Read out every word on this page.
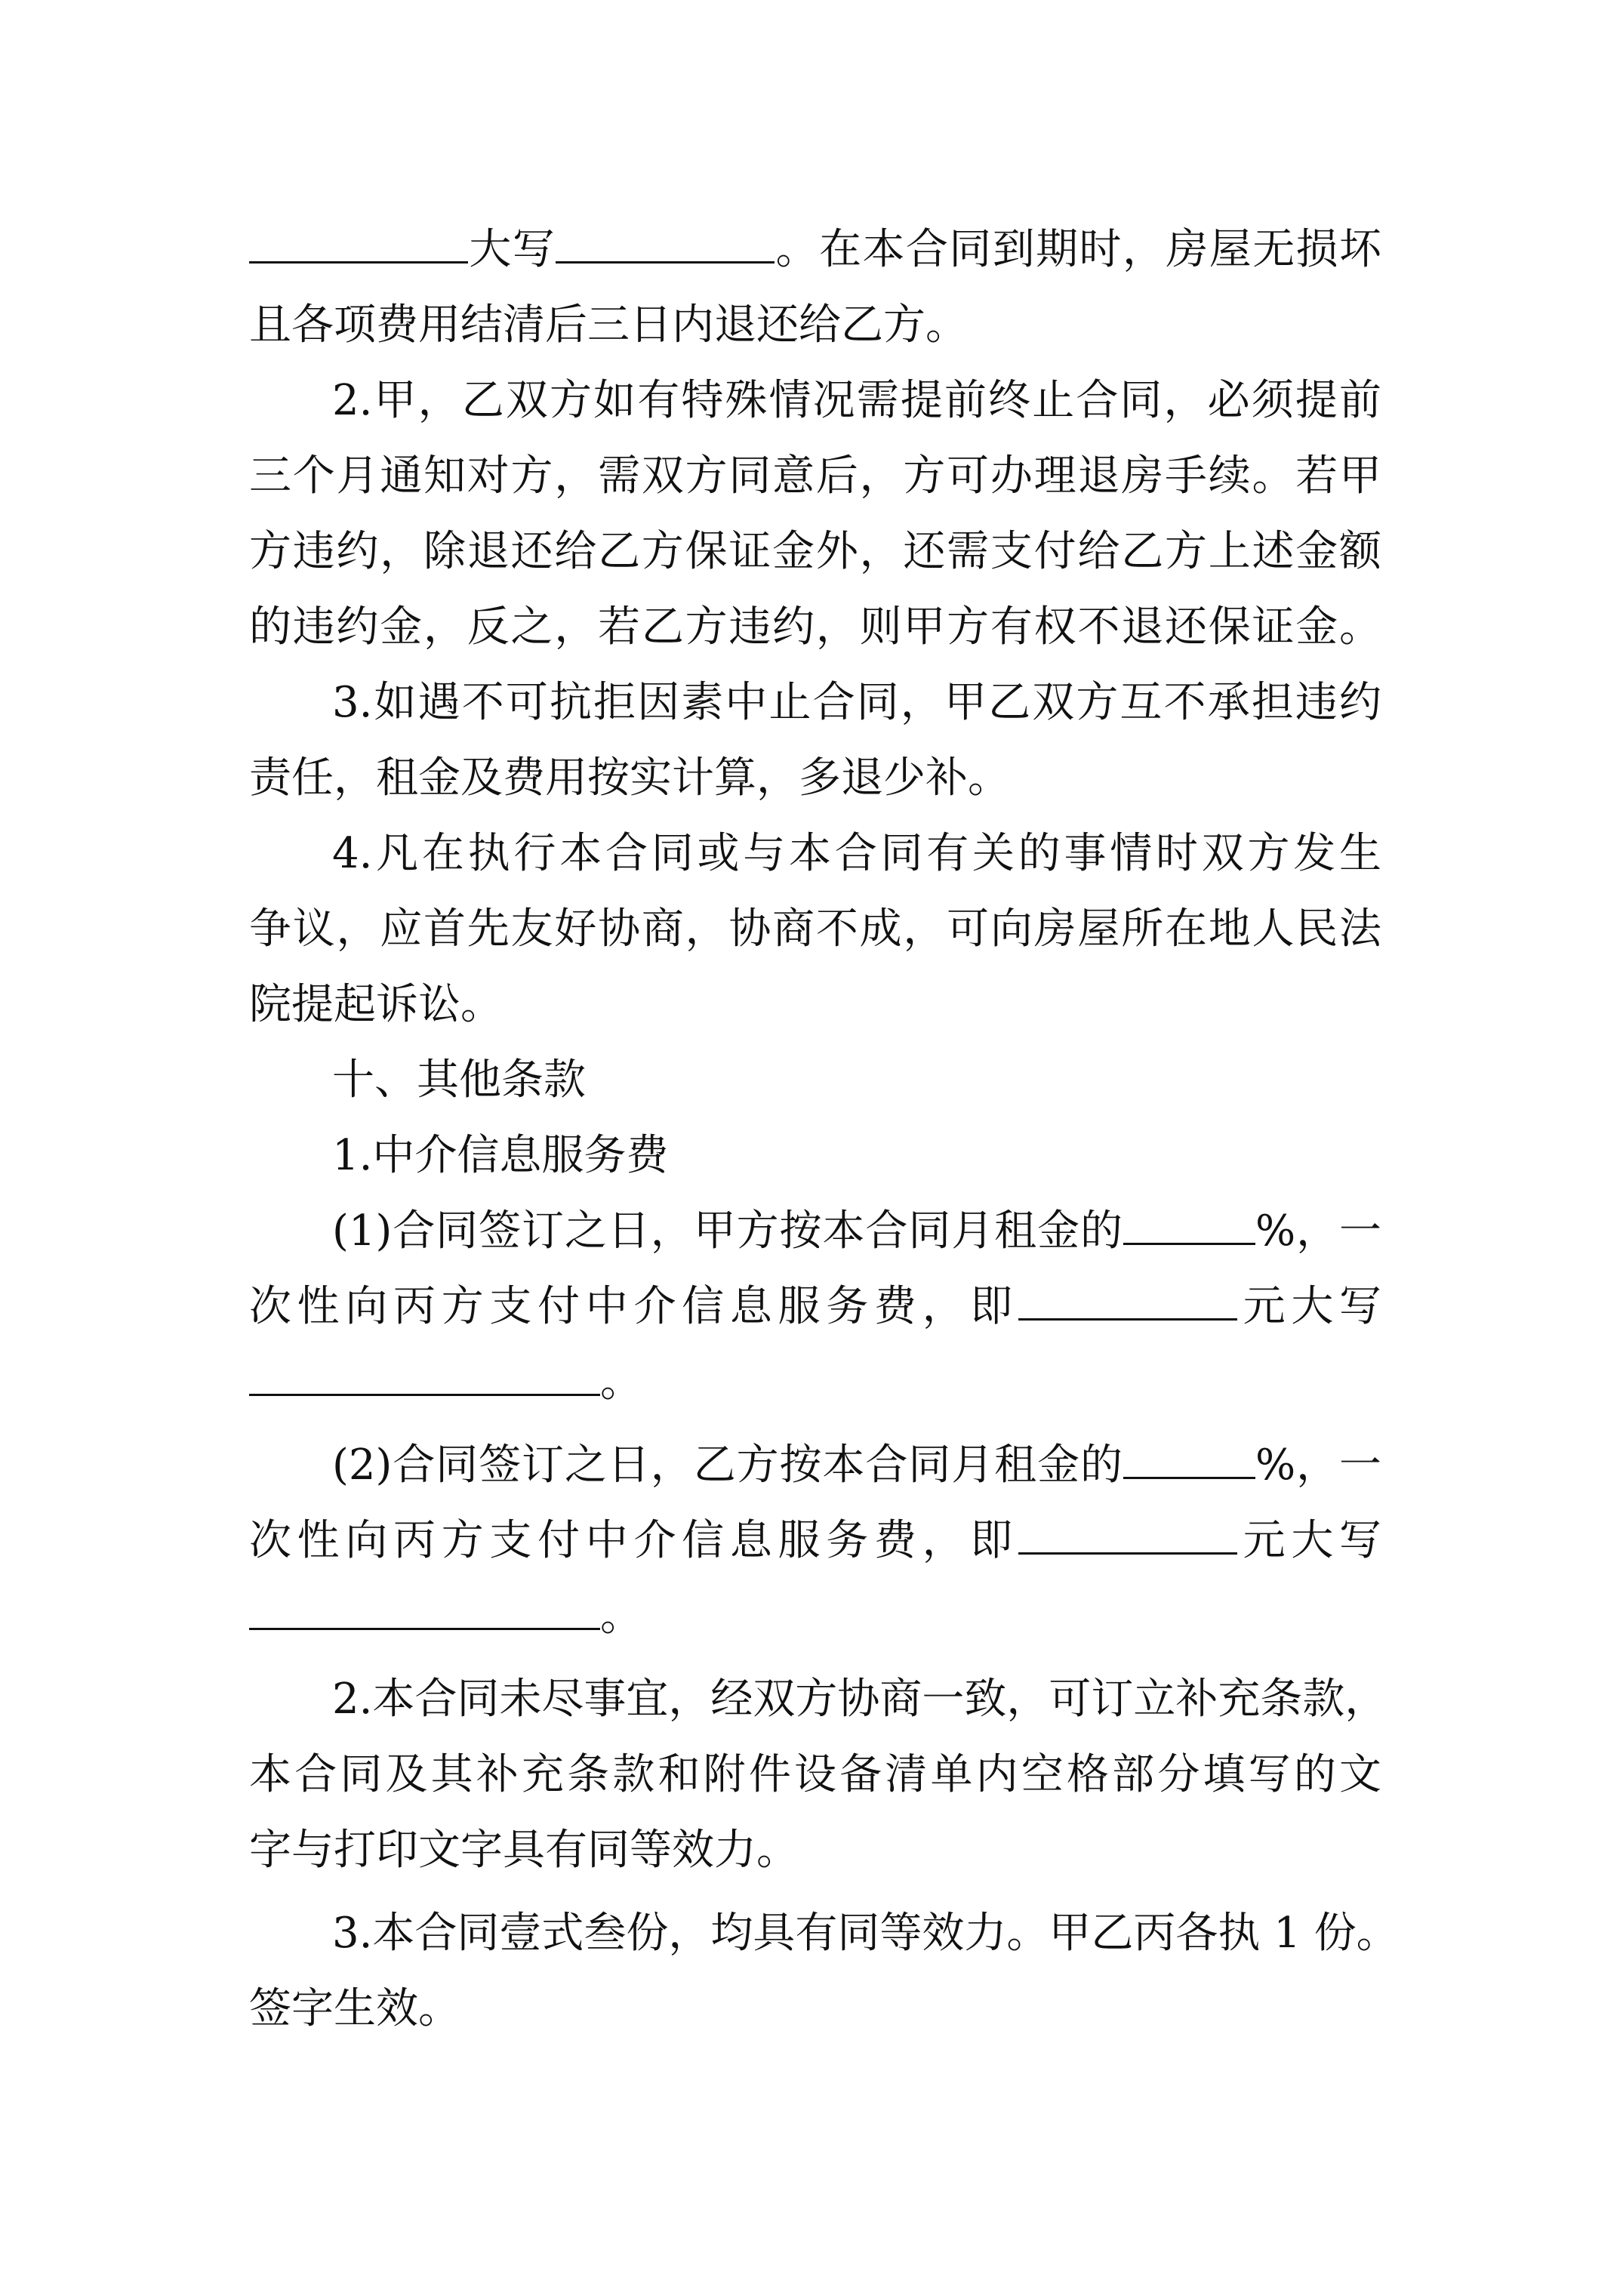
大写	。在本合同到期时，房屋无损坏
且各项费用结清后三日内退还给乙方。
2.甲，乙双方如有特殊情况需提前终止合同，必须提前
三个月通知对方，需双方同意后，方可办理退房手续。若甲
方违约，除退还给乙方保证金外，还需支付给乙方上述金额
的违约金，反之，若乙方违约，则甲方有权不退还保证金。
3.如遇不可抗拒因素中止合同，甲乙双方互不承担违约
责任，租金及费用按实计算，多退少补。
4.凡在执行本合同或与本合同有关的事情时双方发生
争议，应首先友好协商，协商不成，可向房屋所在地人民法
院提起诉讼。
十、其他条款
1.中介信息服务费
(1)合同签订之日，甲方按本合同月租金的	%，一
次性向丙方支付中介信息服务费，即	元大写
。
(2)合同签订之日，乙方按本合同月租金的	%，一
次性向丙方支付中介信息服务费，即	元大写
。
2.本合同未尽事宜，经双方协商一致，可订立补充条款，
本合同及其补充条款和附件设备清单内空格部分填写的文
字与打印文字具有同等效力。
3.本合同壹式叁份，均具有同等效力。甲乙丙各执 1 份。
签字生效。
